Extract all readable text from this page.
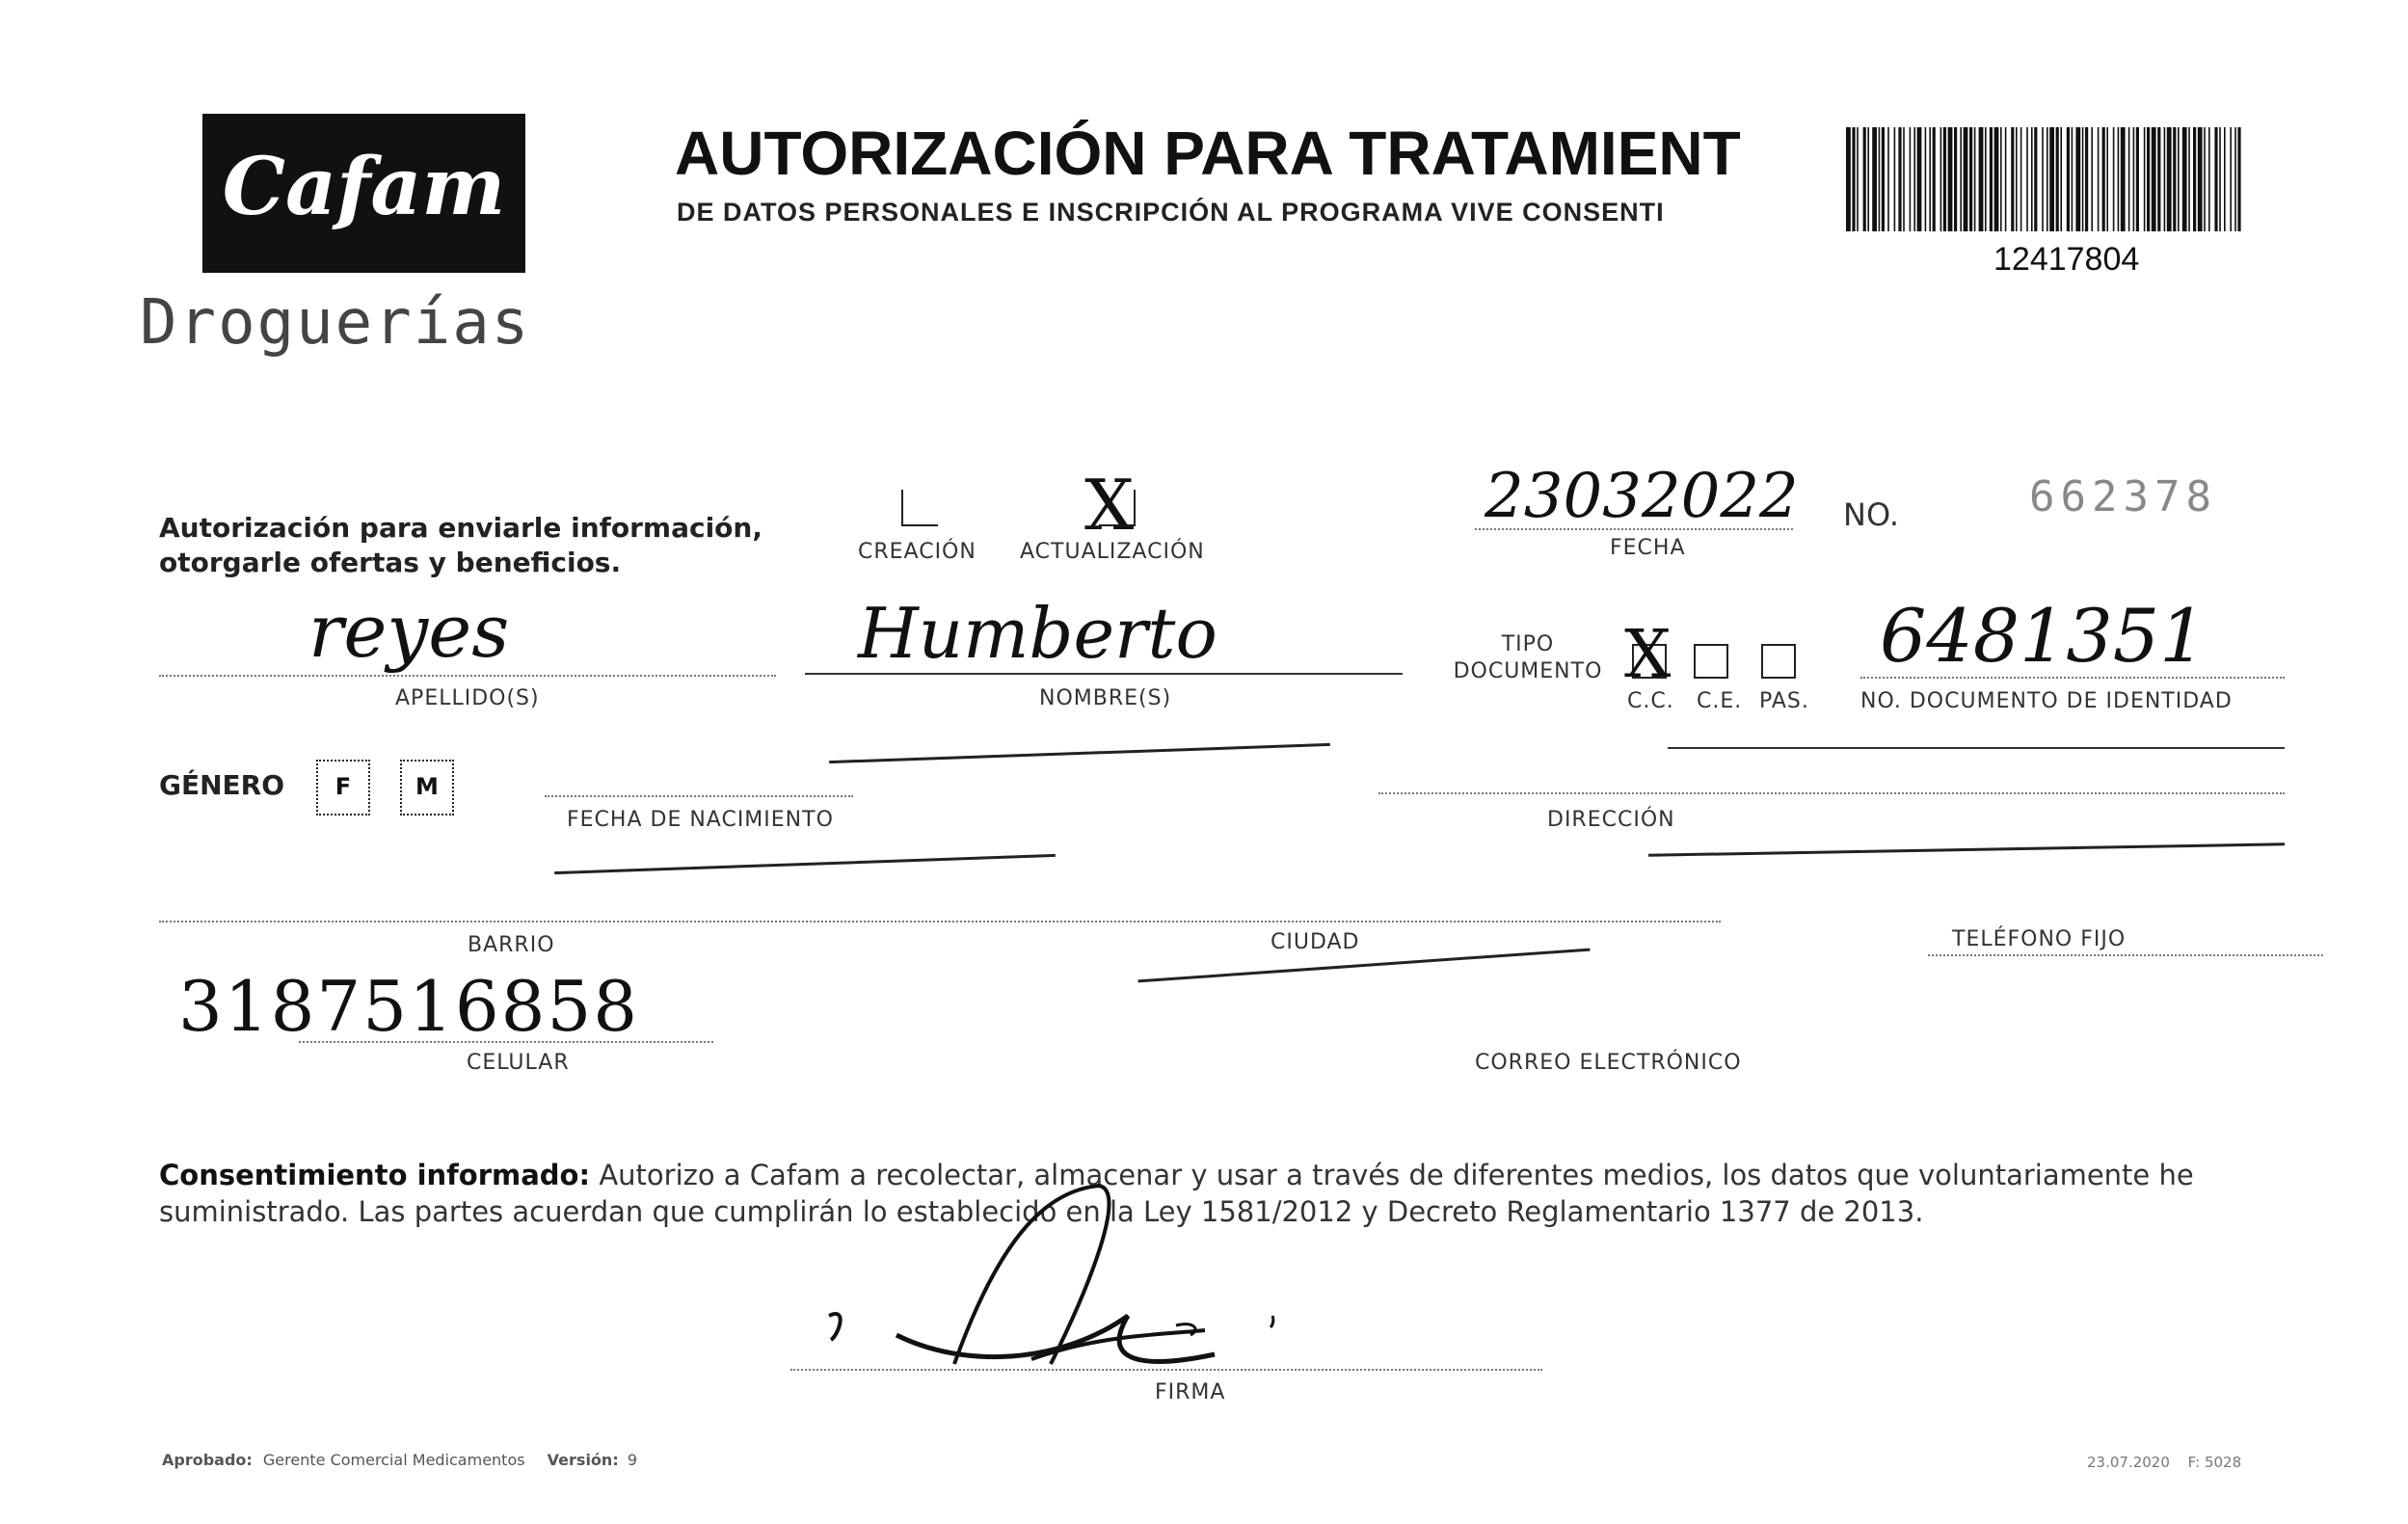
Cafam
Droguerías
AUTORIZACIÓN PARA TRATAMIENT
DE DATOS PERSONALES E INSCRIPCIÓN AL PROGRAMA VIVE CONSENTI
12417804
Autorización para enviarle información, otorgarle ofertas y beneficios.	CREACIÓN
X
ACTUALIZACIÓN
23032022
FECHA
NO.	662378
reyes
APELLIDO(S)
Humberto
NOMBRE(S)
TIPO DOCUMENTO X
C.C. C.E. PAS.
6481351
NO. DOCUMENTO DE IDENTIDAD
GÉNERO	F	M
FECHA DE NACIMIENTO	DIRECCIÓN
BARRIO	CIUDAD	TELÉFONO FIJO
3187516858
CELULAR	CORREO ELECTRÓNICO
Consentimiento informado: Autorizo a Cafam a recolectar, almacenar y usar a través de diferentes medios, los datos que voluntariamente he suministrado. Las partes acuerdan que cumplirán lo establecido en la Ley 1581/2012 y Decreto Reglamentario 1377 de 2013.
FIRMA
Aprobado: Gerente Comercial Medicamentos Versión: 9	23.07.2020 F: 5028
